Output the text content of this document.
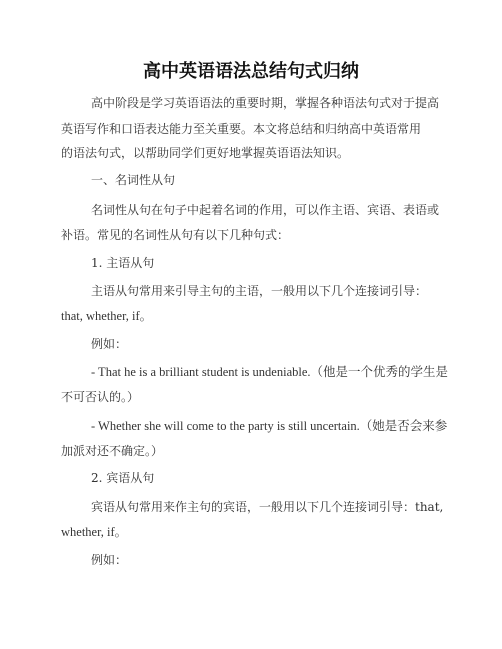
高中英语语法总结句式归纳
高中阶段是学习英语语法的重要时期，掌握各种语法句式对于提高
英语写作和口语表达能力至关重要。本文将总结和归纳高中英语常用
的语法句式，以帮助同学们更好地掌握英语语法知识。
一、名词性从句
名词性从句在句子中起着名词的作用，可以作主语、宾语、表语或
补语。常见的名词性从句有以下几种句式：
1. 主语从句
主语从句常用来引导主句的主语，一般用以下几个连接词引导：
that, whether, if。
例如：
- That he is a brilliant student is undeniable.（他是一个优秀的学生是
不可否认的。）
- Whether she will come to the party is still uncertain.（她是否会来参
加派对还不确定。）
2. 宾语从句
宾语从句常用来作主句的宾语，一般用以下几个连接词引导：that,
whether, if。
例如：
